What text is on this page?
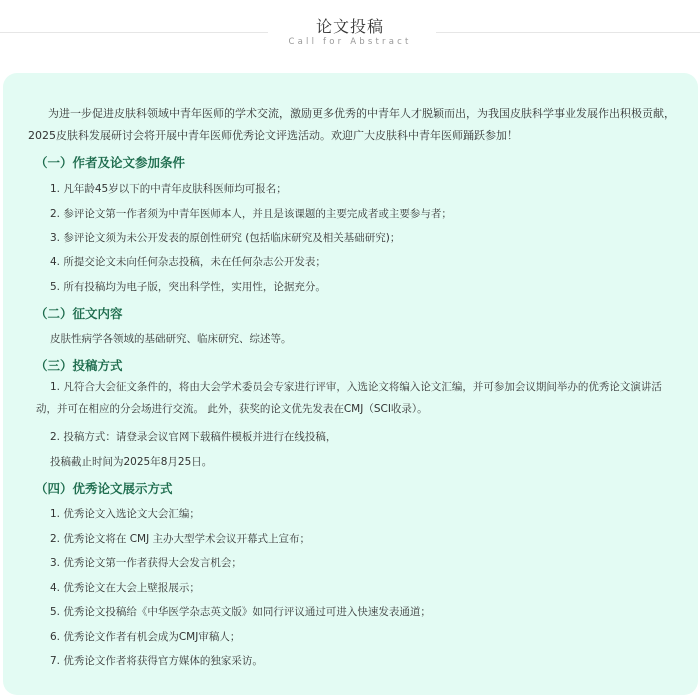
论文投稿
Call for Abstract

为进一步促进皮肤科领域中青年医师的学术交流，激励更多优秀的中青年人才脱颖而出，为我国皮肤科学事业发展作出积极贡献，2025皮肤科发展研讨会将开展中青年医师优秀论文评选活动。欢迎广大皮肤科中青年医师踊跃参加！

（一）作者及论文参加条件

1. 凡年龄45岁以下的中青年皮肤科医师均可报名；

2. 参评论文第一作者须为中青年医师本人，并且是该课题的主要完成者或主要参与者；

3. 参评论文须为未公开发表的原创性研究 (包括临床研究及相关基础研究)；

4. 所提交论文未向任何杂志投稿，未在任何杂志公开发表；

5. 所有投稿均为电子版，突出科学性，实用性，论据充分。

（二）征文内容

皮肤性病学各领域的基础研究、临床研究、综述等。

（三）投稿方式

1. 凡符合大会征文条件的，将由大会学术委员会专家进行评审，入选论文将编入论文汇编，并可参加会议期间举办的优秀论文演讲活动，并可在相应的分会场进行交流。 此外，获奖的论文优先发表在CMJ（SCI收录）。

2. 投稿方式：请登录会议官网下载稿件模板并进行在线投稿，

投稿截止时间为2025年8月25日。

（四）优秀论文展示方式

1. 优秀论文入选论文大会汇编；

2. 优秀论文将在 CMJ 主办大型学术会议开幕式上宣布；

3. 优秀论文第一作者获得大会发言机会；

4. 优秀论文在大会上壁报展示；

5. 优秀论文投稿给《中华医学杂志英文版》如同行评议通过可进入快速发表通道；

6. 优秀论文作者有机会成为CMJ审稿人；

7. 优秀论文作者将获得官方媒体的独家采访。
